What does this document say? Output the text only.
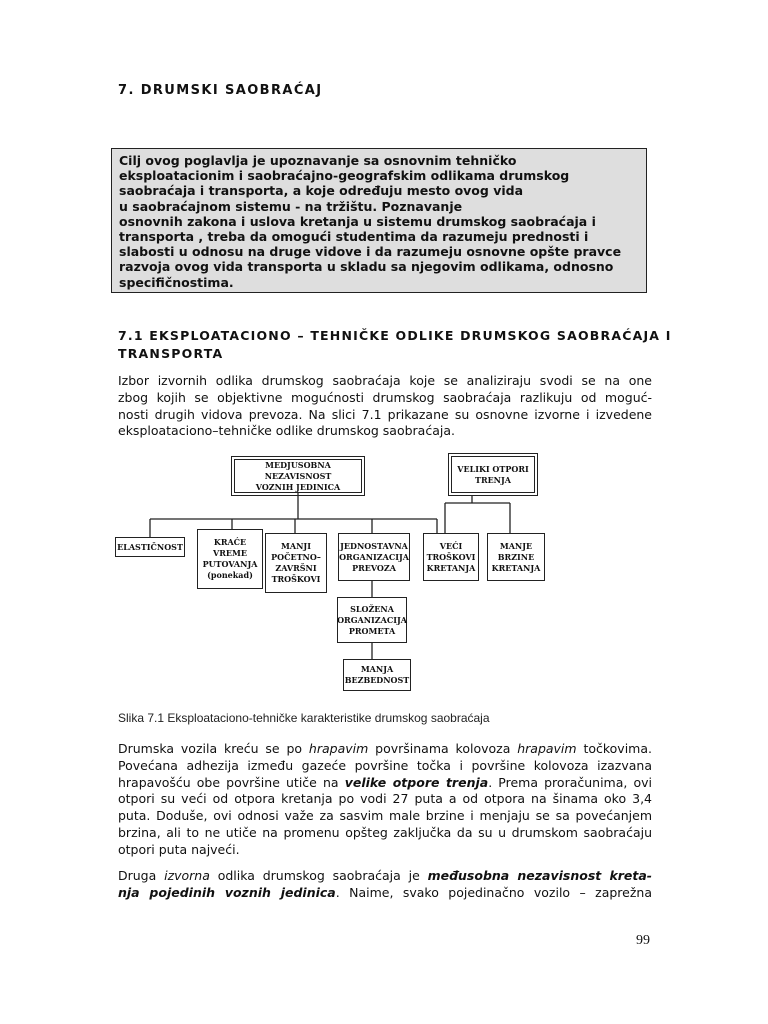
7. DRUMSKI SAOBRAĆAJ
Cilj ovog poglavlja je upoznavanje sa osnovnim tehničko
eksploatacionim i saobraćajno-geografskim odlikama drumskog
saobraćaja i transporta, a koje određuju mesto ovog vida
u saobraćajnom sistemu - na tržištu. Poznavanje
osnovnih zakona i uslova kretanja u sistemu drumskog saobraćaja i
transporta , treba da omogući studentima da razumeju prednosti i
slabosti u odnosu na druge vidove i da razumeju osnovne opšte pravce
razvoja ovog vida transporta u skladu sa njegovim odlikama, odnosno
specifičnostima.
7.1 EKSPLOATACIONO – TEHNIČKE ODLIKE DRUMSKOG SAOBRAĆAJA I
TRANSPORTA
Izbor izvornih odlika drumskog saobraćaja koje se analiziraju svodi se na one
zbog kojih se objektivne mogućnosti drumskog saobraćaja razlikuju od moguć-
nosti drugih vidova prevoza. Na slici 7.1 prikazane su osnovne izvorne i izvedene
eksploataciono–tehničke odlike drumskog saobraćaja.
MEDJUSOBNA NEZAVISNOST
VOZNIH JEDINICA
VELIKI OTPORI
TRENJA
ELASTIČNOST	KRAĆE
VREME
PUTOVANJA
(ponekad)
MANJI
POČETNO–
ZAVRŠNI
TROŠKOVI
JEDNOSTAVNA
ORGANIZACIJA
PREVOZA
VEĆI
TROŠKOVI
KRETANJA
MANJE
BRZINE
KRETANJA
SLOŽENA
ORGANIZACIJA
PROMETA
MANJA
BEZBEDNOST
Slika 7.1 Eksploataciono-tehničke karakteristike drumskog saobraćaja
Drumska vozila kreću se po hrapavim površinama kolovoza hrapavim točkovima.
Povećana adhezija između gazeće površine točka i površine kolovoza izazvana
hrapavošću obe površine utiče na velike otpore trenja. Prema proračunima, ovi
otpori su veći od otpora kretanja po vodi 27 puta a od otpora na šinama oko 3,4
puta. Doduše, ovi odnosi važe za sasvim male brzine i menjaju se sa povećanjem
brzina, ali to ne utiče na promenu opšteg zaključka da su u drumskom saobraćaju
otpori puta najveći.
Druga izvorna odlika drumskog saobraćaja je međusobna nezavisnost kreta-
nja pojedinih voznih jedinica. Naime, svako pojedinačno vozilo – zaprežna
99
